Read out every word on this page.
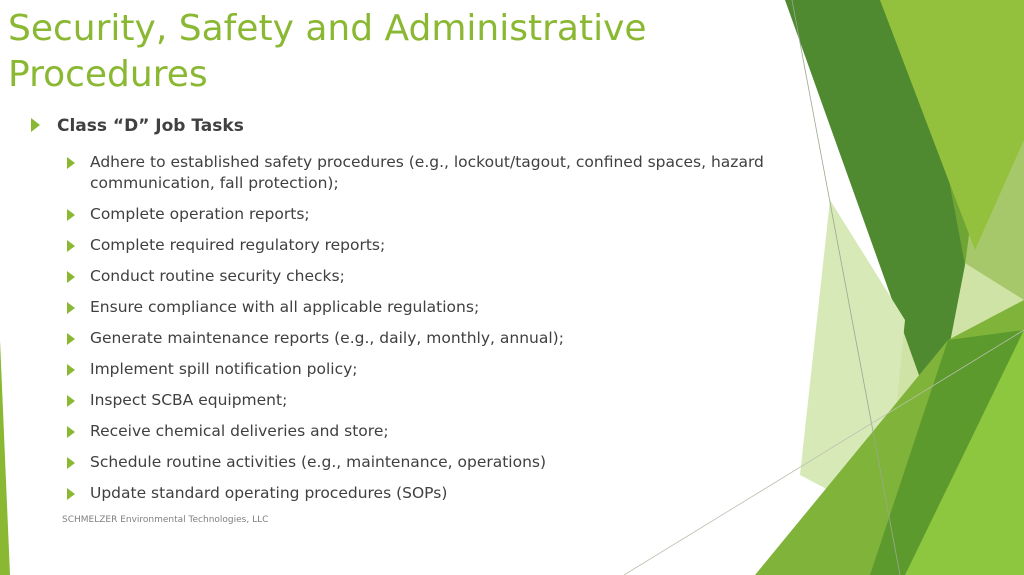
Security, Safety and Administrative
Procedures
Class “D” Job Tasks
Adhere to established safety procedures (e.g., lockout/tagout, confined spaces, hazard communication, fall protection);
Complete operation reports;
Complete required regulatory reports;
Conduct routine security checks;
Ensure compliance with all applicable regulations;
Generate maintenance reports (e.g., daily, monthly, annual);
Implement spill notification policy;
Inspect SCBA equipment;
Receive chemical deliveries and store;
Schedule routine activities (e.g., maintenance, operations)
Update standard operating procedures (SOPs)
SCHMELZER Environmental Technologies, LLC
